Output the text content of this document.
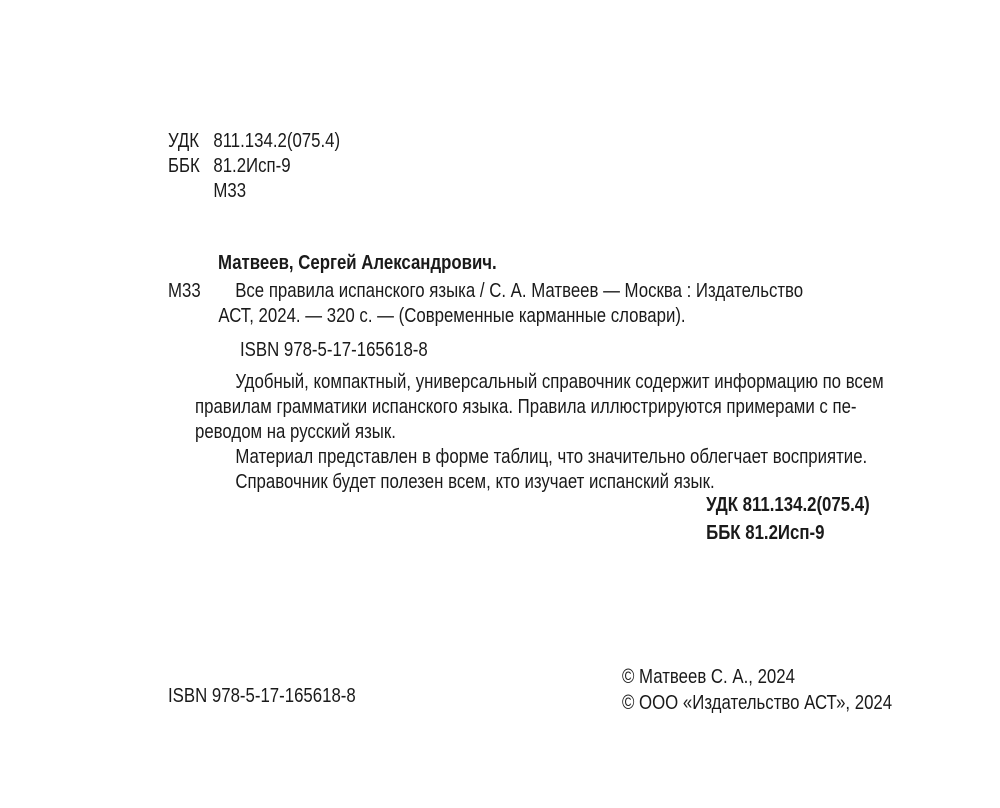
УДК 811.134.2(075.4)
ББК 81.2Исп-9
М33
Матвеев, Сергей Александрович.
М33 Все правила испанского языка / С. А. Матвеев — Москва : Издательство
АСТ, 2024. — 320 с. — (Современные карманные словари).
ISBN 978-5-17-165618-8
Удобный, компактный, универсальный справочник содержит информацию по всем
правилам грамматики испанского языка. Правила иллюстрируются примерами с пе-
реводом на русский язык.
Материал представлен в форме таблиц, что значительно облегчает восприятие.
Справочник будет полезен всем, кто изучает испанский язык.
УДК 811.134.2(075.4)
ББК 81.2Исп-9
ISBN 978-5-17-165618-8
© Матвеев С. А., 2024
© ООО «Издательство АСТ», 2024
